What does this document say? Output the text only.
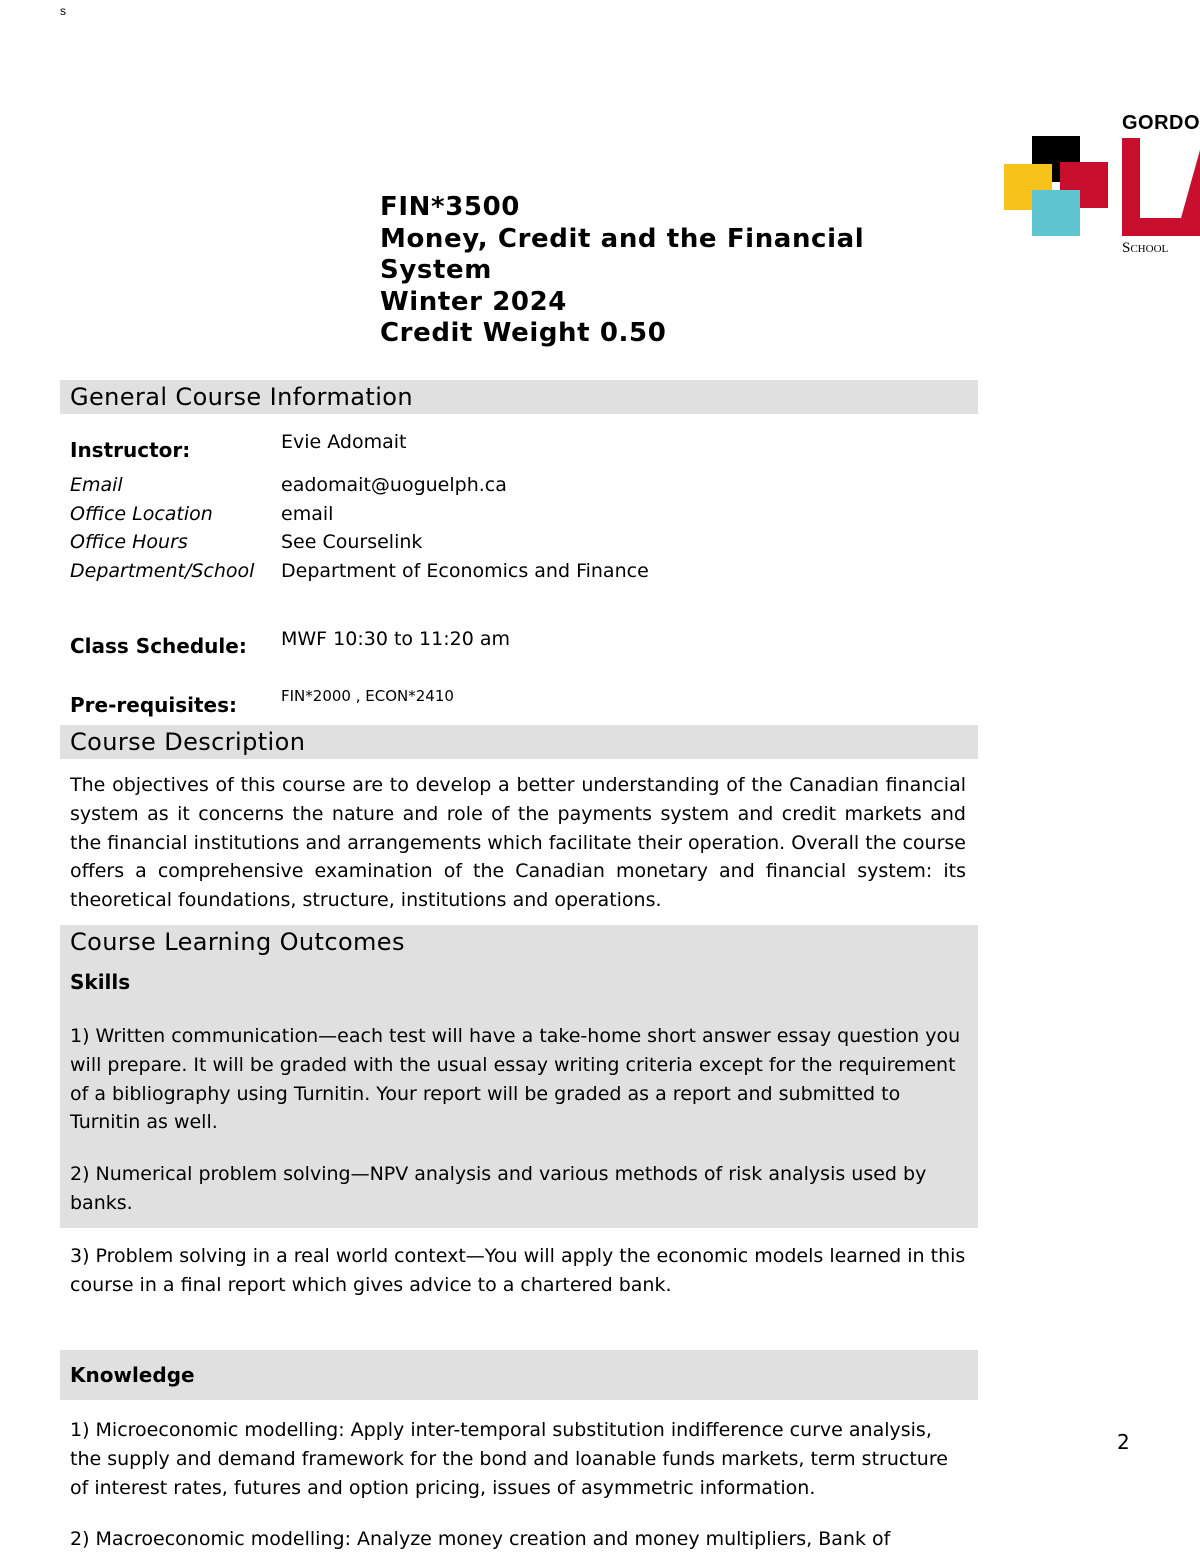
s
GORDO
School
FIN*3500
Money, Credit and the Financial
System
Winter 2024
Credit Weight 0.50
General Course Information
Instructor:	Evie Adomait
Email	eadomait@uoguelph.ca
Office Location	email
Office Hours	See Courselink
Department/School Department of Economics and Finance
Class Schedule: MWF 10:30 to 11:20 am
Pre-requisites:	FIN*2000 , ECON*2410
Course Description
The objectives of this course are to develop a better understanding of the Canadian financial system as it concerns the nature and role of the payments system and credit markets and the financial institutions and arrangements which facilitate their operation. Overall the course offers a comprehensive examination of the Canadian monetary and financial system: its theoretical foundations, structure, institutions and operations.
Course Learning Outcomes
Skills
1) Written communication—each test will have a take-home short answer essay question you will prepare. It will be graded with the usual essay writing criteria except for the requirement of a bibliography using Turnitin. Your report will be graded as a report and submitted to Turnitin as well.
2) Numerical problem solving—NPV analysis and various methods of risk analysis used by banks.
3) Problem solving in a real world context—You will apply the economic models learned in this course in a final report which gives advice to a chartered bank.
Knowledge
1) Microeconomic modelling: Apply inter-temporal substitution indifference curve analysis, the supply and demand framework for the bond and loanable funds markets, term structure of interest rates, futures and option pricing, issues of asymmetric information.
2) Macroeconomic modelling: Analyze money creation and money multipliers, Bank of
2
